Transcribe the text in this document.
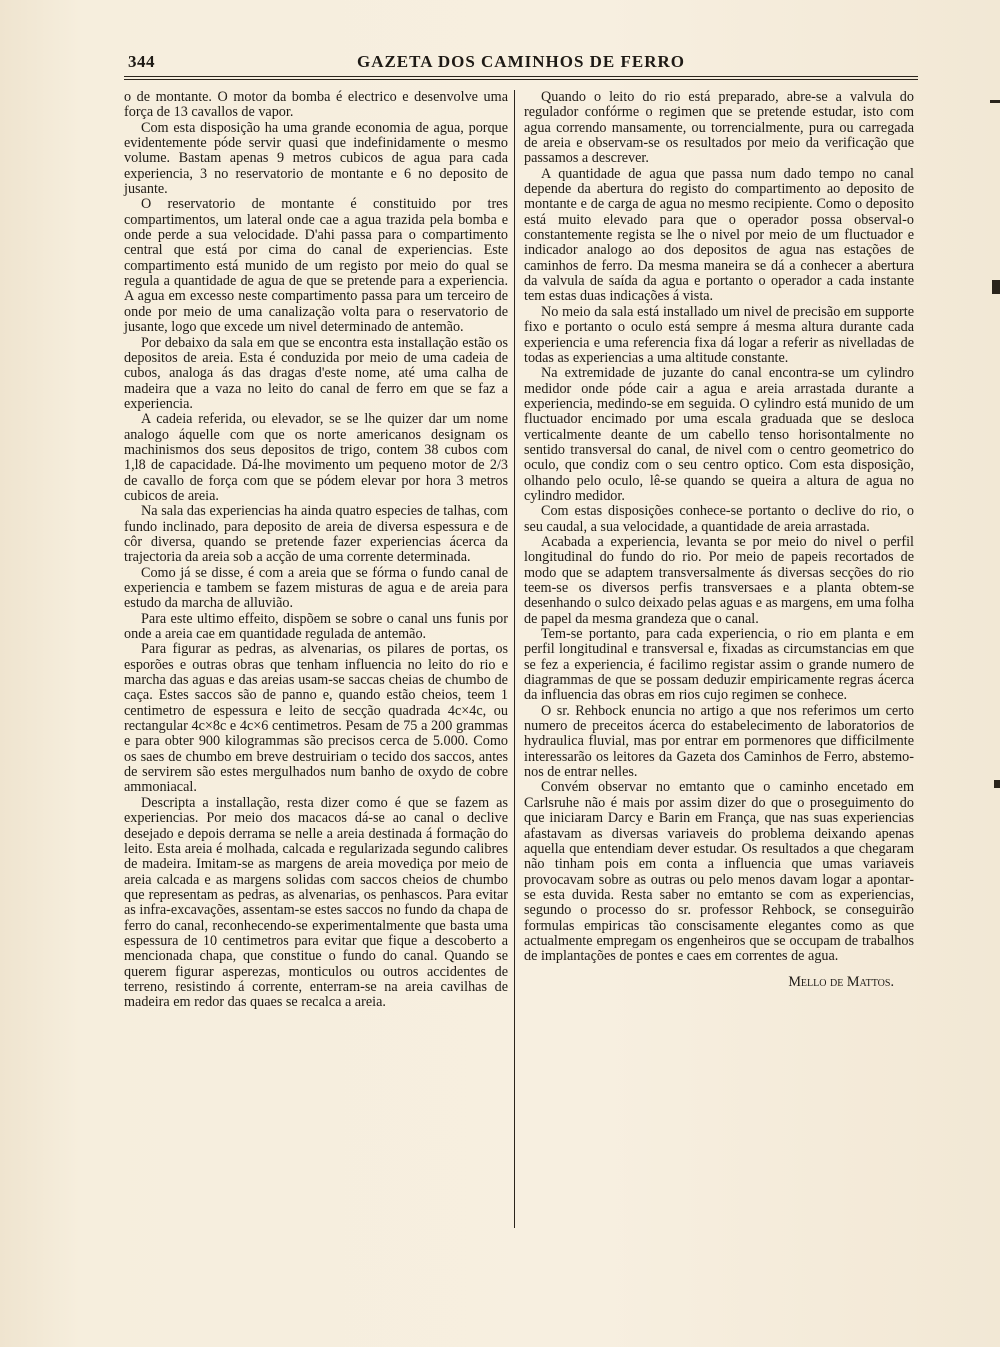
344	GAZETA DOS CAMINHOS DE FERRO

o de montante. O motor da bomba é electrico e desenvolve uma força de 13 cavallos de vapor.

Com esta disposição ha uma grande economia de agua, porque evidentemente póde servir quasi que indefinidamente o mesmo volume. Bastam apenas 9 metros cubicos de agua para cada experiencia, 3 no reservatorio de montante e 6 no deposito de jusante.

O reservatorio de montante é constituido por tres compartimentos, um lateral onde cae a agua trazida pela bomba e onde perde a sua velocidade. D'ahi passa para o compartimento central que está por cima do canal de experiencias. Este compartimento está munido de um registo por meio do qual se regula a quantidade de agua de que se pretende para a experiencia. A agua em excesso neste compartimento passa para um terceiro de onde por meio de uma canalização volta para o reservatorio de jusante, logo que excede um nivel determinado de antemão.

Por debaixo da sala em que se encontra esta installação estão os depositos de areia. Esta é conduzida por meio de uma cadeia de cubos, analoga ás das dragas d'este nome, até uma calha de madeira que a vaza no leito do canal de ferro em que se faz a experiencia.

A cadeia referida, ou elevador, se se lhe quizer dar um nome analogo áquelle com que os norte americanos designam os machinismos dos seus depositos de trigo, contem 38 cubos com 1,l8 de capacidade. Dá-lhe movimento um pequeno motor de 2/3 de cavallo de força com que se pódem elevar por hora 3 metros cubicos de areia.

Na sala das experiencias ha ainda quatro especies de talhas, com fundo inclinado, para deposito de areia de diversa espessura e de côr diversa, quando se pretende fazer experiencias ácerca da trajectoria da areia sob a acção de uma corrente determinada.

Como já se disse, é com a areia que se fórma o fundo canal de experiencia e tambem se fazem misturas de agua e de areia para estudo da marcha de alluvião.

Para este ultimo effeito, dispõem se sobre o canal uns funis por onde a areia cae em quantidade regulada de antemão.

Para figurar as pedras, as alvenarias, os pilares de portas, os esporões e outras obras que tenham influencia no leito do rio e marcha das aguas e das areias usam-se saccas cheias de chumbo de caça. Estes saccos são de panno e, quando estão cheios, teem 1 centimetro de espessura e leito de secção quadrada 4c×4c, ou rectangular 4c×8c e 4c×6 centimetros. Pesam de 75 a 200 grammas e para obter 900 kilogrammas são precisos cerca de 5.000. Como os saes de chumbo em breve destruiriam o tecido dos saccos, antes de servirem são estes mergulhados num banho de oxydo de cobre ammoniacal.

Descripta a installação, resta dizer como é que se fazem as experiencias. Por meio dos macacos dá-se ao canal o declive desejado e depois derrama se nelle a areia destinada á formação do leito. Esta areia é molhada, calcada e regularizada segundo calibres de madeira. Imitam-se as margens de areia movediça por meio de areia calcada e as margens solidas com saccos cheios de chumbo que representam as pedras, as alvenarias, os penhascos. Para evitar as infra-excavações, assentam-se estes saccos no fundo da chapa de ferro do canal, reconhecendo-se experimentalmente que basta uma espessura de 10 centimetros para evitar que fique a descoberto a mencionada chapa, que constitue o fundo do canal. Quando se querem figurar asperezas, monticulos ou outros accidentes de terreno, resistindo á corrente, enterram-se na areia cavilhas de madeira em redor das quaes se recalca a areia.

Quando o leito do rio está preparado, abre-se a valvula do regulador confórme o regimen que se pretende estudar, isto com agua correndo mansamente, ou torrencialmente, pura ou carregada de areia e observam-se os resultados por meio da verificação que passamos a descrever.

A quantidade de agua que passa num dado tempo no canal depende da abertura do registo do compartimento ao deposito de montante e de carga de agua no mesmo recipiente. Como o deposito está muito elevado para que o operador possa observal-o constantemente regista se lhe o nivel por meio de um fluctuador e indicador analogo ao dos depositos de agua nas estações de caminhos de ferro. Da mesma maneira se dá a conhecer a abertura da valvula de saída da agua e portanto o operador a cada instante tem estas duas indicações á vista.

No meio da sala está installado um nivel de precisão em supporte fixo e portanto o oculo está sempre á mesma altura durante cada experiencia e uma referencia fixa dá logar a referir as nivelladas de todas as experiencias a uma altitude constante.

Na extremidade de juzante do canal encontra-se um cylindro medidor onde póde cair a agua e areia arrastada durante a experiencia, medindo-se em seguida. O cylindro está munido de um fluctuador encimado por uma escala graduada que se desloca verticalmente deante de um cabello tenso horisontalmente no sentido transversal do canal, de nivel com o centro geometrico do oculo, que condiz com o seu centro optico. Com esta disposição, olhando pelo oculo, lê-se quando se queira a altura de agua no cylindro medidor.

Com estas disposições conhece-se portanto o declive do rio, o seu caudal, a sua velocidade, a quantidade de areia arrastada.

Acabada a experiencia, levanta se por meio do nivel o perfil longitudinal do fundo do rio. Por meio de papeis recortados de modo que se adaptem transversalmente ás diversas secções do rio teem-se os diversos perfis transversaes e a planta obtem-se desenhando o sulco deixado pelas aguas e as margens, em uma folha de papel da mesma grandeza que o canal.

Tem-se portanto, para cada experiencia, o rio em planta e em perfil longitudinal e transversal e, fixadas as circumstancias em que se fez a experiencia, é facilimo registar assim o grande numero de diagrammas de que se possam deduzir empiricamente regras ácerca da influencia das obras em rios cujo regimen se conhece.

O sr. Rehbock enuncia no artigo a que nos referimos um certo numero de preceitos ácerca do estabelecimento de laboratorios de hydraulica fluvial, mas por entrar em pormenores que difficilmente interessarão os leitores da Gazeta dos Caminhos de Ferro, abstemo-nos de entrar nelles.

Convém observar no emtanto que o caminho encetado em Carlsruhe não é mais por assim dizer do que o proseguimento do que iniciaram Darcy e Barin em França, que nas suas experiencias afastavam as diversas variaveis do problema deixando apenas aquella que entendiam dever estudar. Os resultados a que chegaram não tinham pois em conta a influencia que umas variaveis provocavam sobre as outras ou pelo menos davam logar a apontar-se esta duvida. Resta saber no emtanto se com as experiencias, segundo o processo do sr. professor Rehbock, se conseguirão formulas empiricas tão conscisamente elegantes como as que actualmente empregam os engenheiros que se occupam de trabalhos de implantações de pontes e caes em correntes de agua.

Mello de Mattos.
